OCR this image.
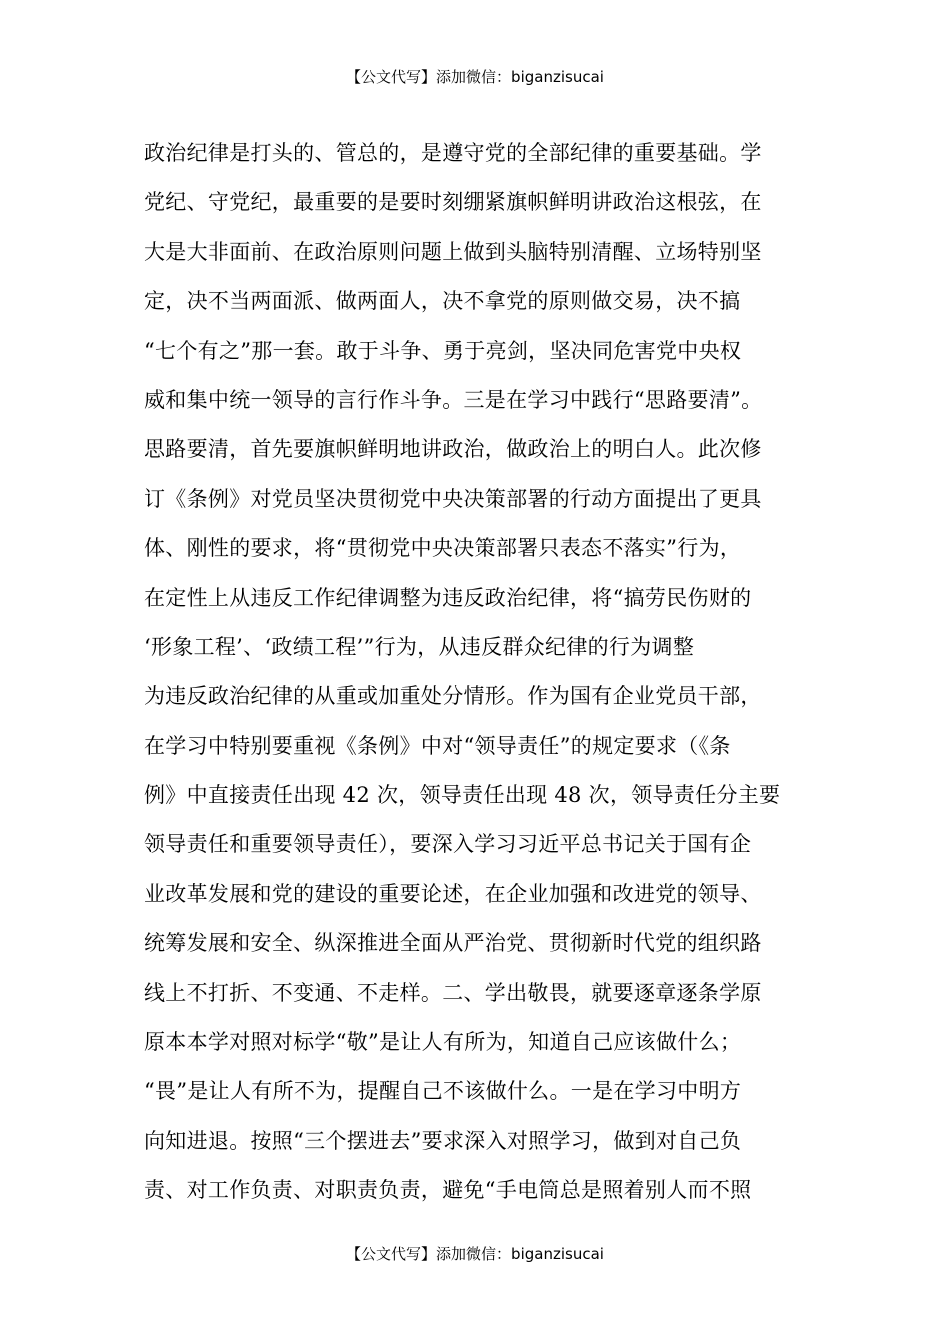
【公文代写】添加微信：biganzisucai
政治纪律是打头的、管总的，是遵守党的全部纪律的重要基础。学
党纪、守党纪，最重要的是要时刻绷紧旗帜鲜明讲政治这根弦，在
大是大非面前、在政治原则问题上做到头脑特别清醒、立场特别坚
定，决不当两面派、做两面人，决不拿党的原则做交易，决不搞
“七个有之”那一套。敢于斗争、勇于亮剑，坚决同危害党中央权
威和集中统一领导的言行作斗争。三是在学习中践行“思路要清”。
思路要清，首先要旗帜鲜明地讲政治，做政治上的明白人。此次修
订《条例》对党员坚决贯彻党中央决策部署的行动方面提出了更具
体、刚性的要求，将“贯彻党中央决策部署只表态不落实”行为，
在定性上从违反工作纪律调整为违反政治纪律，将“搞劳民伤财的
‘形象工程’、‘政绩工程’”行为，从违反群众纪律的行为调整
为违反政治纪律的从重或加重处分情形。作为国有企业党员干部，
在学习中特别要重视《条例》中对“领导责任”的规定要求（《条
例》中直接责任出现 42 次，领导责任出现 48 次，领导责任分主要
领导责任和重要领导责任），要深入学习习近平总书记关于国有企
业改革发展和党的建设的重要论述，在企业加强和改进党的领导、
统筹发展和安全、纵深推进全面从严治党、贯彻新时代党的组织路
线上不打折、不变通、不走样。二、学出敬畏，就要逐章逐条学原
原本本学对照对标学“敬”是让人有所为，知道自己应该做什么；
“畏”是让人有所不为，提醒自己不该做什么。一是在学习中明方
向知进退。按照“三个摆进去”要求深入对照学习，做到对自己负
责、对工作负责、对职责负责，避免“手电筒总是照着别人而不照
【公文代写】添加微信：biganzisucai
